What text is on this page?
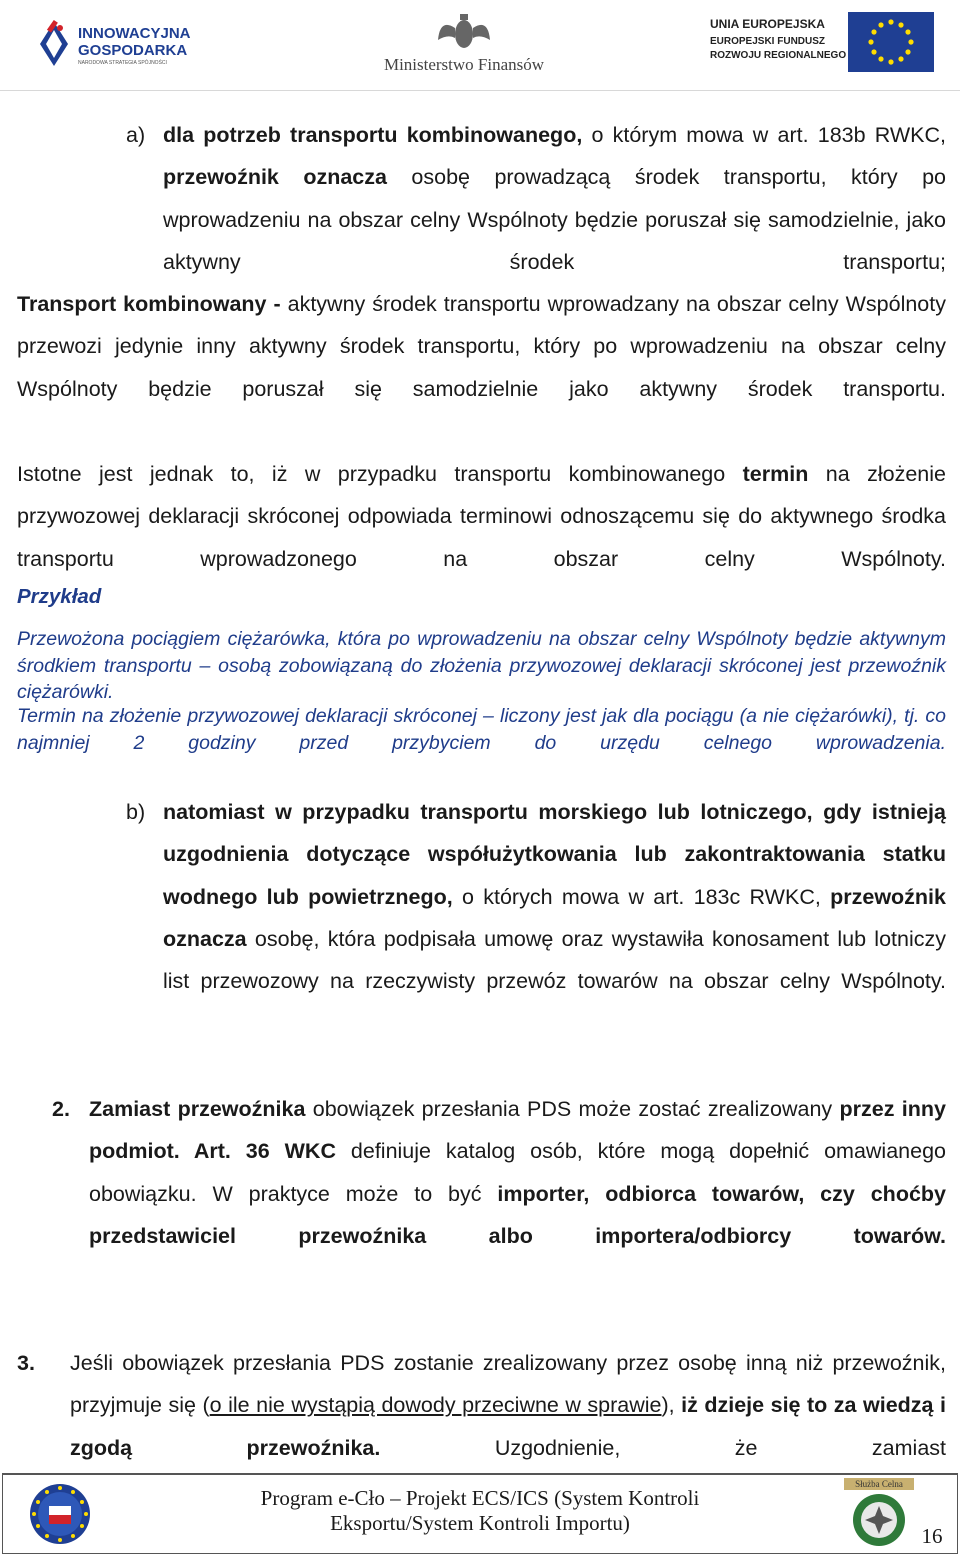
INNOWACYJNA
GOSPODARKA
NARODOWA STRATEGIA SPÓJNOŚCI	Ministerstwo Finansów
UNIA EUROPEJSKA
EUROPEJSKI FUNDUSZ
ROZWOJU REGIONALNEGO
a) dla potrzeb transportu kombinowanego, o którym mowa w art. 183b RWKC, przewoźnik oznacza osobę prowadzącą środek transportu, który po wprowadzeniu na obszar celny Wspólnoty będzie poruszał się samodzielnie, jako aktywny środek transportu;

Transport kombinowany - aktywny środek transportu wprowadzany na obszar celny Wspólnoty przewozi jedynie inny aktywny środek transportu, który po wprowadzeniu na obszar celny Wspólnoty będzie poruszał się samodzielnie jako aktywny środek transportu.

Istotne jest jednak to, iż w przypadku transportu kombinowanego termin na złożenie przywozowej deklaracji skróconej odpowiada terminowi odnoszącemu się do aktywnego środka transportu wprowadzonego na obszar celny Wspólnoty.

Przykład

Przewożona pociągiem ciężarówka, która po wprowadzeniu na obszar celny Wspólnoty będzie aktywnym środkiem transportu – osobą zobowiązaną do złożenia przywozowej deklaracji skróconej jest przewoźnik ciężarówki.

Termin na złożenie przywozowej deklaracji skróconej – liczony jest jak dla pociągu (a nie ciężarówki), tj. co najmniej 2 godziny przed przybyciem do urzędu celnego wprowadzenia.

b) natomiast w przypadku transportu morskiego lub lotniczego, gdy istnieją uzgodnienia dotyczące współużytkowania lub zakontraktowania statku wodnego lub powietrznego, o których mowa w art. 183c RWKC, przewoźnik oznacza osobę, która podpisała umowę oraz wystawiła konosament lub lotniczy list przewozowy na rzeczywisty przewóz towarów na obszar celny Wspólnoty.

2. Zamiast przewoźnika obowiązek przesłania PDS może zostać zrealizowany przez inny podmiot. Art. 36 WKC definiuje katalog osób, które mogą dopełnić omawianego obowiązku. W praktyce może to być importer, odbiorca towarów, czy choćby przedstawiciel przewoźnika albo importera/odbiorcy towarów.

3. Jeśli obowiązek przesłania PDS zostanie zrealizowany przez osobę inną niż przewoźnik, przyjmuje się (o ile nie wystąpią dowody przeciwne w sprawie), iż dzieje się to za wiedzą i zgodą przewoźnika. Uzgodnienie, że zamiast

Program e-Cło – Projekt ECS/ICS (System Kontroli
Eksportu/System Kontroli Importu)
Służba Celna
16
